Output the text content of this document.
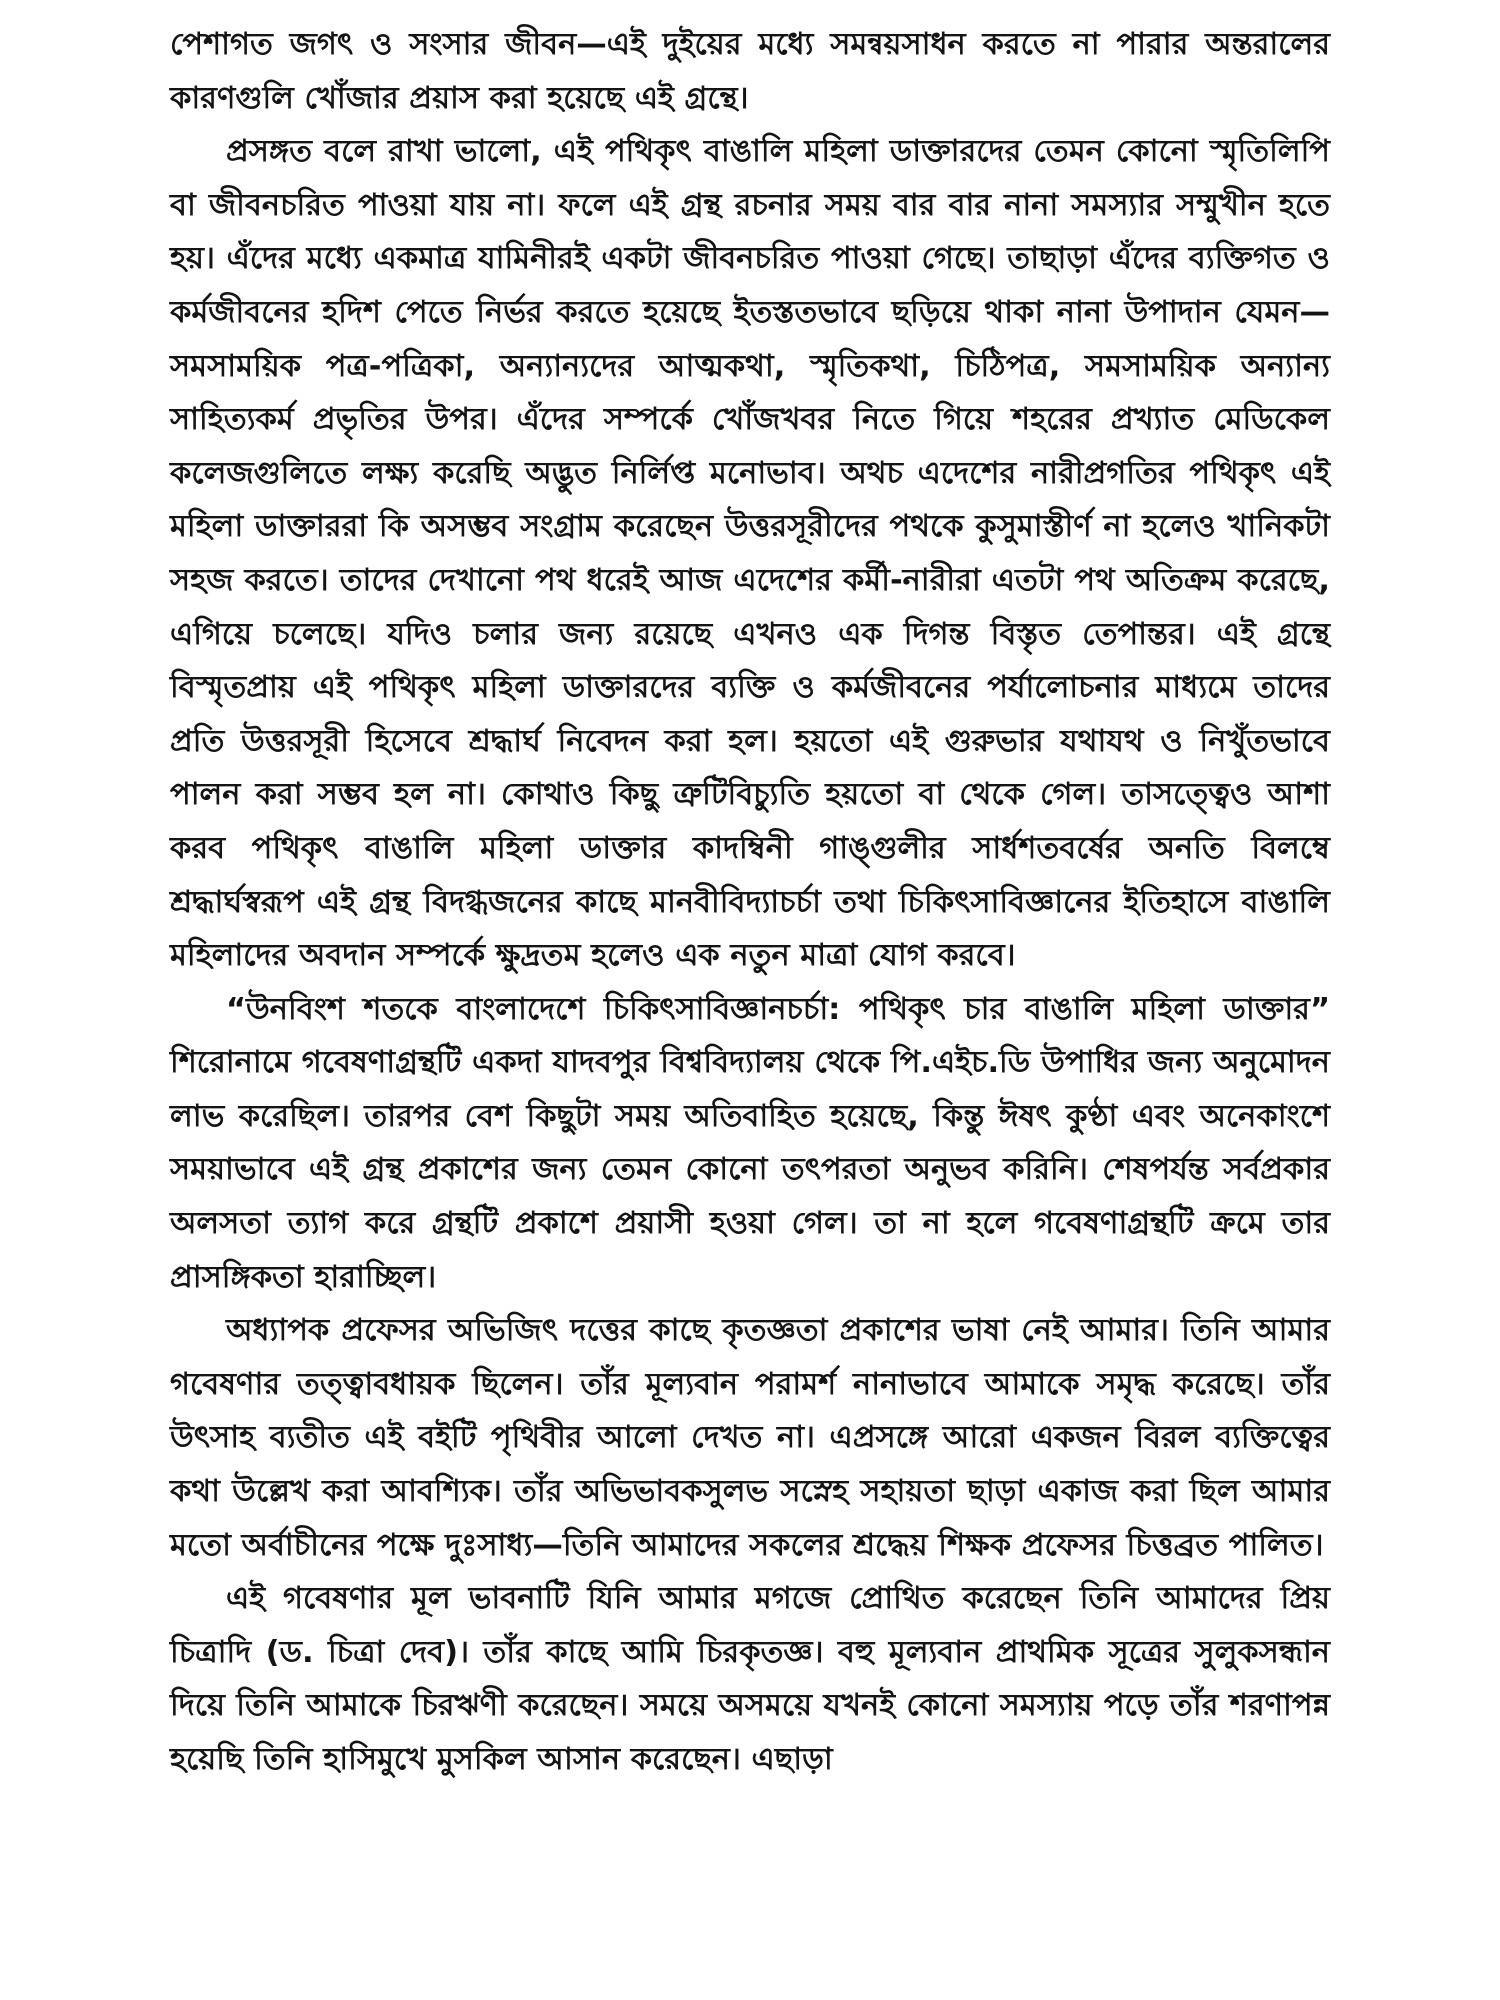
পেশাগত জগৎ ও সংসার জীবন—এই দুইয়ের মধ্যে সমন্বয়সাধন করতে না পারার অন্তরালের কারণগুলি খোঁজার প্রয়াস করা হয়েছে এই গ্রন্থে।

প্রসঙ্গত বলে রাখা ভালো, এই পথিকৃৎ বাঙালি মহিলা ডাক্তারদের তেমন কোনো স্মৃতিলিপি বা জীবনচরিত পাওয়া যায় না। ফলে এই গ্রন্থ রচনার সময় বার বার নানা সমস্যার সম্মুখীন হতে হয়। এঁদের মধ্যে একমাত্র যামিনীরই একটা জীবনচরিত পাওয়া গেছে। তাছাড়া এঁদের ব্যক্তিগত ও কর্মজীবনের হদিশ পেতে নির্ভর করতে হয়েছে ইতস্ততভাবে ছড়িয়ে থাকা নানা উপাদান যেমন—সমসাময়িক পত্র-পত্রিকা, অন্যান্যদের আত্মকথা, স্মৃতিকথা, চিঠিপত্র, সমসাময়িক অন্যান্য সাহিত্যকর্ম প্রভৃতির উপর। এঁদের সম্পর্কে খোঁজখবর নিতে গিয়ে শহরের প্রখ্যাত মেডিকেল কলেজগুলিতে লক্ষ্য করেছি অদ্ভুত নির্লিপ্ত মনোভাব। অথচ এদেশের নারীপ্রগতির পথিকৃৎ এই মহিলা ডাক্তাররা কি অসম্ভব সংগ্রাম করেছেন উত্তরসূরীদের পথকে কুসুমাস্তীর্ণ না হলেও খানিকটা সহজ করতে। তাদের দেখানো পথ ধরেই আজ এদেশের কর্মী-নারীরা এতটা পথ অতিক্রম করেছে, এগিয়ে চলেছে। যদিও চলার জন্য রয়েছে এখনও এক দিগন্ত বিস্তৃত তেপান্তর। এই গ্রন্থে বিস্মৃতপ্রায় এই পথিকৃৎ মহিলা ডাক্তারদের ব্যক্তি ও কর্মজীবনের পর্যালোচনার মাধ্যমে তাদের প্রতি উত্তরসূরী হিসেবে শ্রদ্ধার্ঘ নিবেদন করা হল। হয়তো এই গুরুভার যথাযথ ও নিখুঁতভাবে পালন করা সম্ভব হল না। কোথাও কিছু ত্রুটিবিচ্যুতি হয়তো বা থেকে গেল। তাসত্ত্বেও আশা করব পথিকৃৎ বাঙালি মহিলা ডাক্তার কাদম্বিনী গাঙ্গুলীর সার্ধশতবর্ষের অনতি বিলম্বে শ্রদ্ধার্ঘস্বরূপ এই গ্রন্থ বিদগ্ধজনের কাছে মানবীবিদ্যাচর্চা তথা চিকিৎসাবিজ্ঞানের ইতিহাসে বাঙালি মহিলাদের অবদান সম্পর্কে ক্ষুদ্রতম হলেও এক নতুন মাত্রা যোগ করবে।

“উনবিংশ শতকে বাংলাদেশে চিকিৎসাবিজ্ঞানচর্চা: পথিকৃৎ চার বাঙালি মহিলা ডাক্তার” শিরোনামে গবেষণাগ্রন্থটি একদা যাদবপুর বিশ্ববিদ্যালয় থেকে পি.এইচ.ডি উপাধির জন্য অনুমোদন লাভ করেছিল। তারপর বেশ কিছুটা সময় অতিবাহিত হয়েছে, কিন্তু ঈষৎ কুণ্ঠা এবং অনেকাংশে সময়াভাবে এই গ্রন্থ প্রকাশের জন্য তেমন কোনো তৎপরতা অনুভব করিনি। শেষপর্যন্ত সর্বপ্রকার অলসতা ত্যাগ করে গ্রন্থটি প্রকাশে প্রয়াসী হওয়া গেল। তা না হলে গবেষণাগ্রন্থটি ক্রমে তার প্রাসঙ্গিকতা হারাচ্ছিল।

অধ্যাপক প্রফেসর অভিজিৎ দত্তের কাছে কৃতজ্ঞতা প্রকাশের ভাষা নেই আমার। তিনি আমার গবেষণার তত্ত্বাবধায়ক ছিলেন। তাঁর মূল্যবান পরামর্শ নানাভাবে আমাকে সমৃদ্ধ করেছে। তাঁর উৎসাহ ব্যতীত এই বইটি পৃথিবীর আলো দেখত না। এপ্রসঙ্গে আরো একজন বিরল ব্যক্তিত্বের কথা উল্লেখ করা আবশ্যিক। তাঁর অভিভাবকসুলভ সস্নেহ সহায়তা ছাড়া একাজ করা ছিল আমার মতো অর্বাচীনের পক্ষে দুঃসাধ্য—তিনি আমাদের সকলের শ্রদ্ধেয় শিক্ষক প্রফেসর চিত্তব্রত পালিত।

এই গবেষণার মূল ভাবনাটি যিনি আমার মগজে প্রোথিত করেছেন তিনি আমাদের প্রিয় চিত্রাদি (ড. চিত্রা দেব)। তাঁর কাছে আমি চিরকৃতজ্ঞ। বহু মূল্যবান প্রাথমিক সূত্রের সুলুকসন্ধান দিয়ে তিনি আমাকে চিরঋণী করেছেন। সময়ে অসময়ে যখনই কোনো সমস্যায় পড়ে তাঁর শরণাপন্ন হয়েছি তিনি হাসিমুখে মুসকিল আসান করেছেন। এছাড়া
